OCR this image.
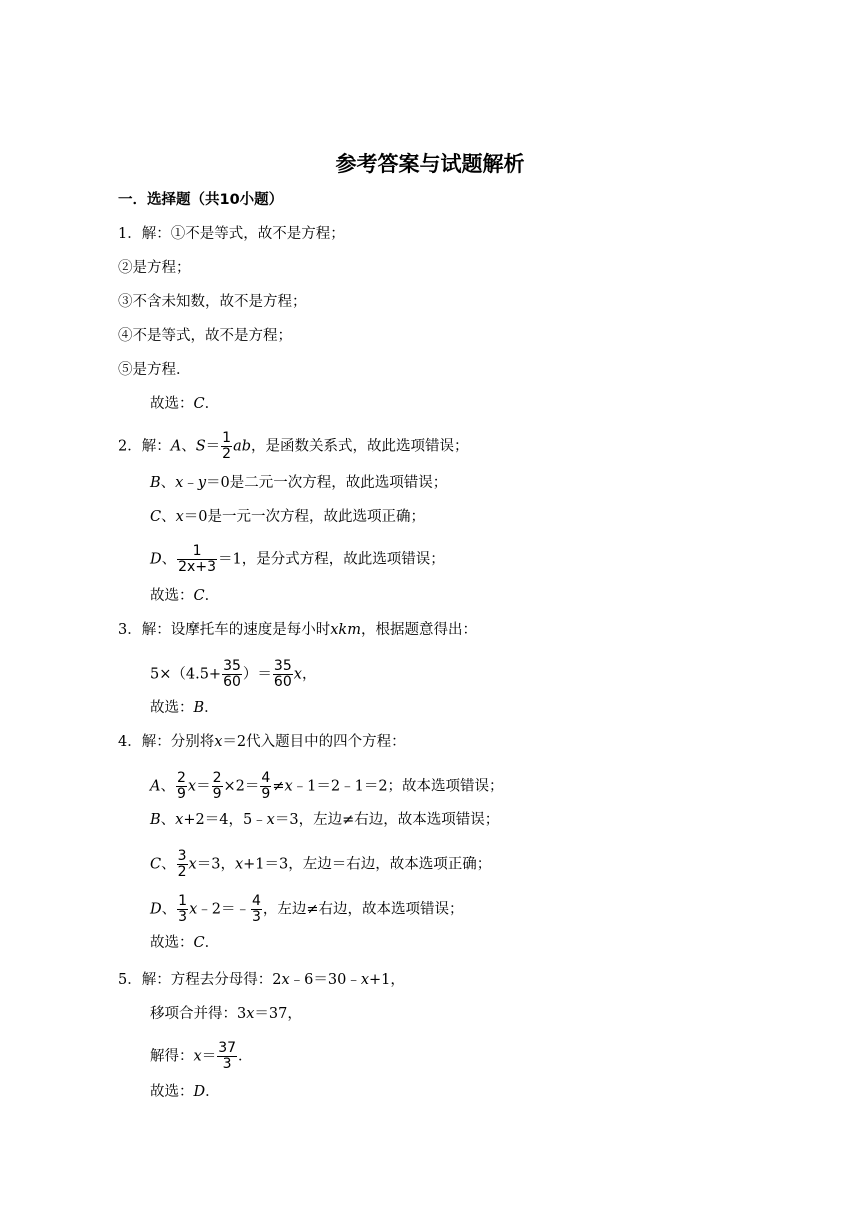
参考答案与试题解析
一．选择题（共10小题）
1．解：①不是等式，故不是方程；
②是方程；
③不含未知数，故不是方程；
④不是等式，故不是方程；
⑤是方程．
故选：C．
2．解：A、$S= \frac{1}{2}$ ab，是函数关系式，故此选项错误；
B、x﹣y＝0是二元一次方程，故此选项错误；
C、x＝0是一元一次方程，故此选项正确；
D、 $\frac{1}{2x+3} =1$，是分式方程，故此选项错误；
故选：C．
3．解：设摩托车的速度是每小时xkm，根据题意得出：
$5\times(4.5+ \frac{35}{60}$ ）＝ $\frac{35}{60}$ x，
故选：B．
4．解：分别将x＝2代入题目中的四个方程：
A、 $\frac{2}{9} x= \frac{2}{9} \times 2= \frac{4}{9}$ ≠x﹣1＝2﹣1＝2；故本选项错误；
B、x+2＝4，5﹣x＝3，左边≠右边，故本选项错误；
C、 $\frac{3}{2} x=3$，x+1＝3，左边＝右边，故本选项正确；
D、 $\frac{1}{3}$ x﹣2＝﹣ $\frac{4}{3}$ ，左边≠右边，故本选项错误；
故选：C．
5．解：方程去分母得：2x﹣6＝30﹣x+1，
移项合并得：3x＝37，
解得：$x= \frac{37}{3}$ ．
故选：D．
